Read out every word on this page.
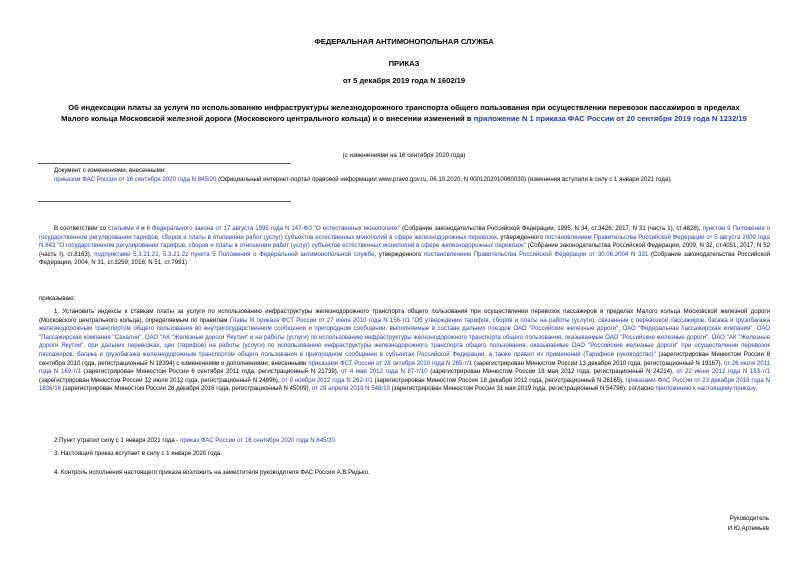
ФЕДЕРАЛЬНАЯ АНТИМОНОПОЛЬНАЯ СЛУЖБА
ПРИКАЗ
от 5 декабря 2019 года N 1602/19
Об индексации платы за услуги по использованию инфраструктуры железнодорожного транспорта общего пользования при осуществлении перевозок пассажиров в пределах Малого кольца Московской железной дороги (Московского центрального кольца) и о внесении изменений в приложение N 1 приказа ФАС России от 20 сентября 2019 года N 1232/19
(с изменениями на 16 сентября 2020 года)

Документ с изменениями, внесенными:

приказом ФАС России от 16 сентября 2020 года N 845/20 (Официальный интернет-портал правовой информации www.pravo.gov.ru, 06.10.2020, N 0001202010060030) (изменения вступили в силу с 1 января 2021 года).

В соответствии со статьями 4 и 6 Федерального закона от 17 августа 1995 года N 147-ФЗ "О естественных монополиях" (Собрание законодательства Российской Федерации, 1995, N 34, ст.3426; 2017, N 31 (часть 1), ст.4828), пунктом 9 Положения о государственном регулировании тарифов, сборов и платы в отношении работ (услуг) субъектов естественных монополий в сфере железнодорожных перевозок, утвержденного постановлением Правительства Российской Федерации от 5 августа 2009 года N 643 "О государственном регулировании тарифов, сборов и платы в отношении работ (услуг) субъектов естественных монополий в сфере железнодорожных перевозок" (Собрание законодательства Российской Федерации, 2009, N 32, ст.4051; 2017, N 52 (часть I), ст.8163), подпунктами 5.3.21.21, 5.3.21.22 пункта 5 Положения о Федеральной антимонопольной службе, утвержденного постановлением Правительства Российской Федерации от 30.06.2004 N 331 (Собрание законодательства Российской Федерации, 2004, N 31, ст.3259; 2018, N 51, ст.7991)

приказываю:

1. Установить индексы к ставкам платы за услуги по использованию инфраструктуры железнодорожного транспорта общего пользования при осуществлении перевозок пассажиров в пределах Малого кольца Московской железной дороги (Московского центрального кольца), определяемым по правилам Главы III приказа ФСТ России от 27 июля 2010 года N 156-т/1 "Об утверждении тарифов, сборов и платы на работы (услуги), связанные с перевозкой пассажиров, багажа и грузобагажа железнодорожным транспортом общего пользования во внутригосударственном сообщении и пригородном сообщении, выполняемые в составе дальних поездов ОАО "Российские железные дороги", ОАО "Федеральная пассажирская компания", ОАО "Пассажирская компания "Сахалин", ОАО "АК "Железные дороги Якутии" и на работы (услуги) по использованию инфраструктуры железнодорожного транспорта общего пользования, оказываемые ОАО "Российские железные дороги", ОАО "АК "Железные дороги Якутии", при дальних перевозках, цен (тарифов) на работы (услуги) по использованию инфраструктуры железнодорожного транспорта общего пользования, оказываемые ОАО "Российские железные дороги" при осуществлении перевозок пассажиров, багажа и грузобагажа железнодорожным транспортом общего пользования в пригородном сообщении в субъектах Российской Федерации, а также правил их применения (Тарифное руководство)" (зарегистрирован Минюстом России 8 сентября 2010 года, регистрационный N 18394) с изменениями и дополнениями, внесенными приказами ФСТ России от 28 октября 2010 года N 265-т/1 (зарегистрирован Минюстом России 13 декабря 2010 года, регистрационный N 19167), от 26 июля 2011 года N 169-т/1 (зарегистрирован Минюстом России 6 сентября 2011 года, регистрационный N 21739), от 4 мая 2012 года N 87-т/10 (зарегистрирован Минюстом России 18 мая 2012 года, регистрационный N 24214), от 22 июня 2012 года N 153-т/1 (зарегистрирован Минюстом России 12 июля 2012 года, регистрационный N 24896), от 9 ноября 2012 года N 262-т/1 (зарегистрирован Минюстом России 18 декабря 2012 года, регистрационный N 26165), приказами ФАС России от 23 декабря 2016 года N 1836/16 (зарегистрирован Минюстом России 28 декабря 2016 года, регистрационный N 45009), от 29 апреля 2019 N 548/19 (зарегистрирован Минюстом России 31 мая 2019 года, регистрационный N 54796), согласно приложению к настоящему приказу.

2.Пункт утратил силу с 1 января 2021 года - приказ ФАС России от 16 сентября 2020 года N 845/20.

3. Настоящий приказ вступает в силу с 1 января 2020 года.

4. Контроль исполнения настоящего приказа возложить на заместителя руководителя ФАС России А.В.Редько.

Руководитель
И.Ю.Артемьев
